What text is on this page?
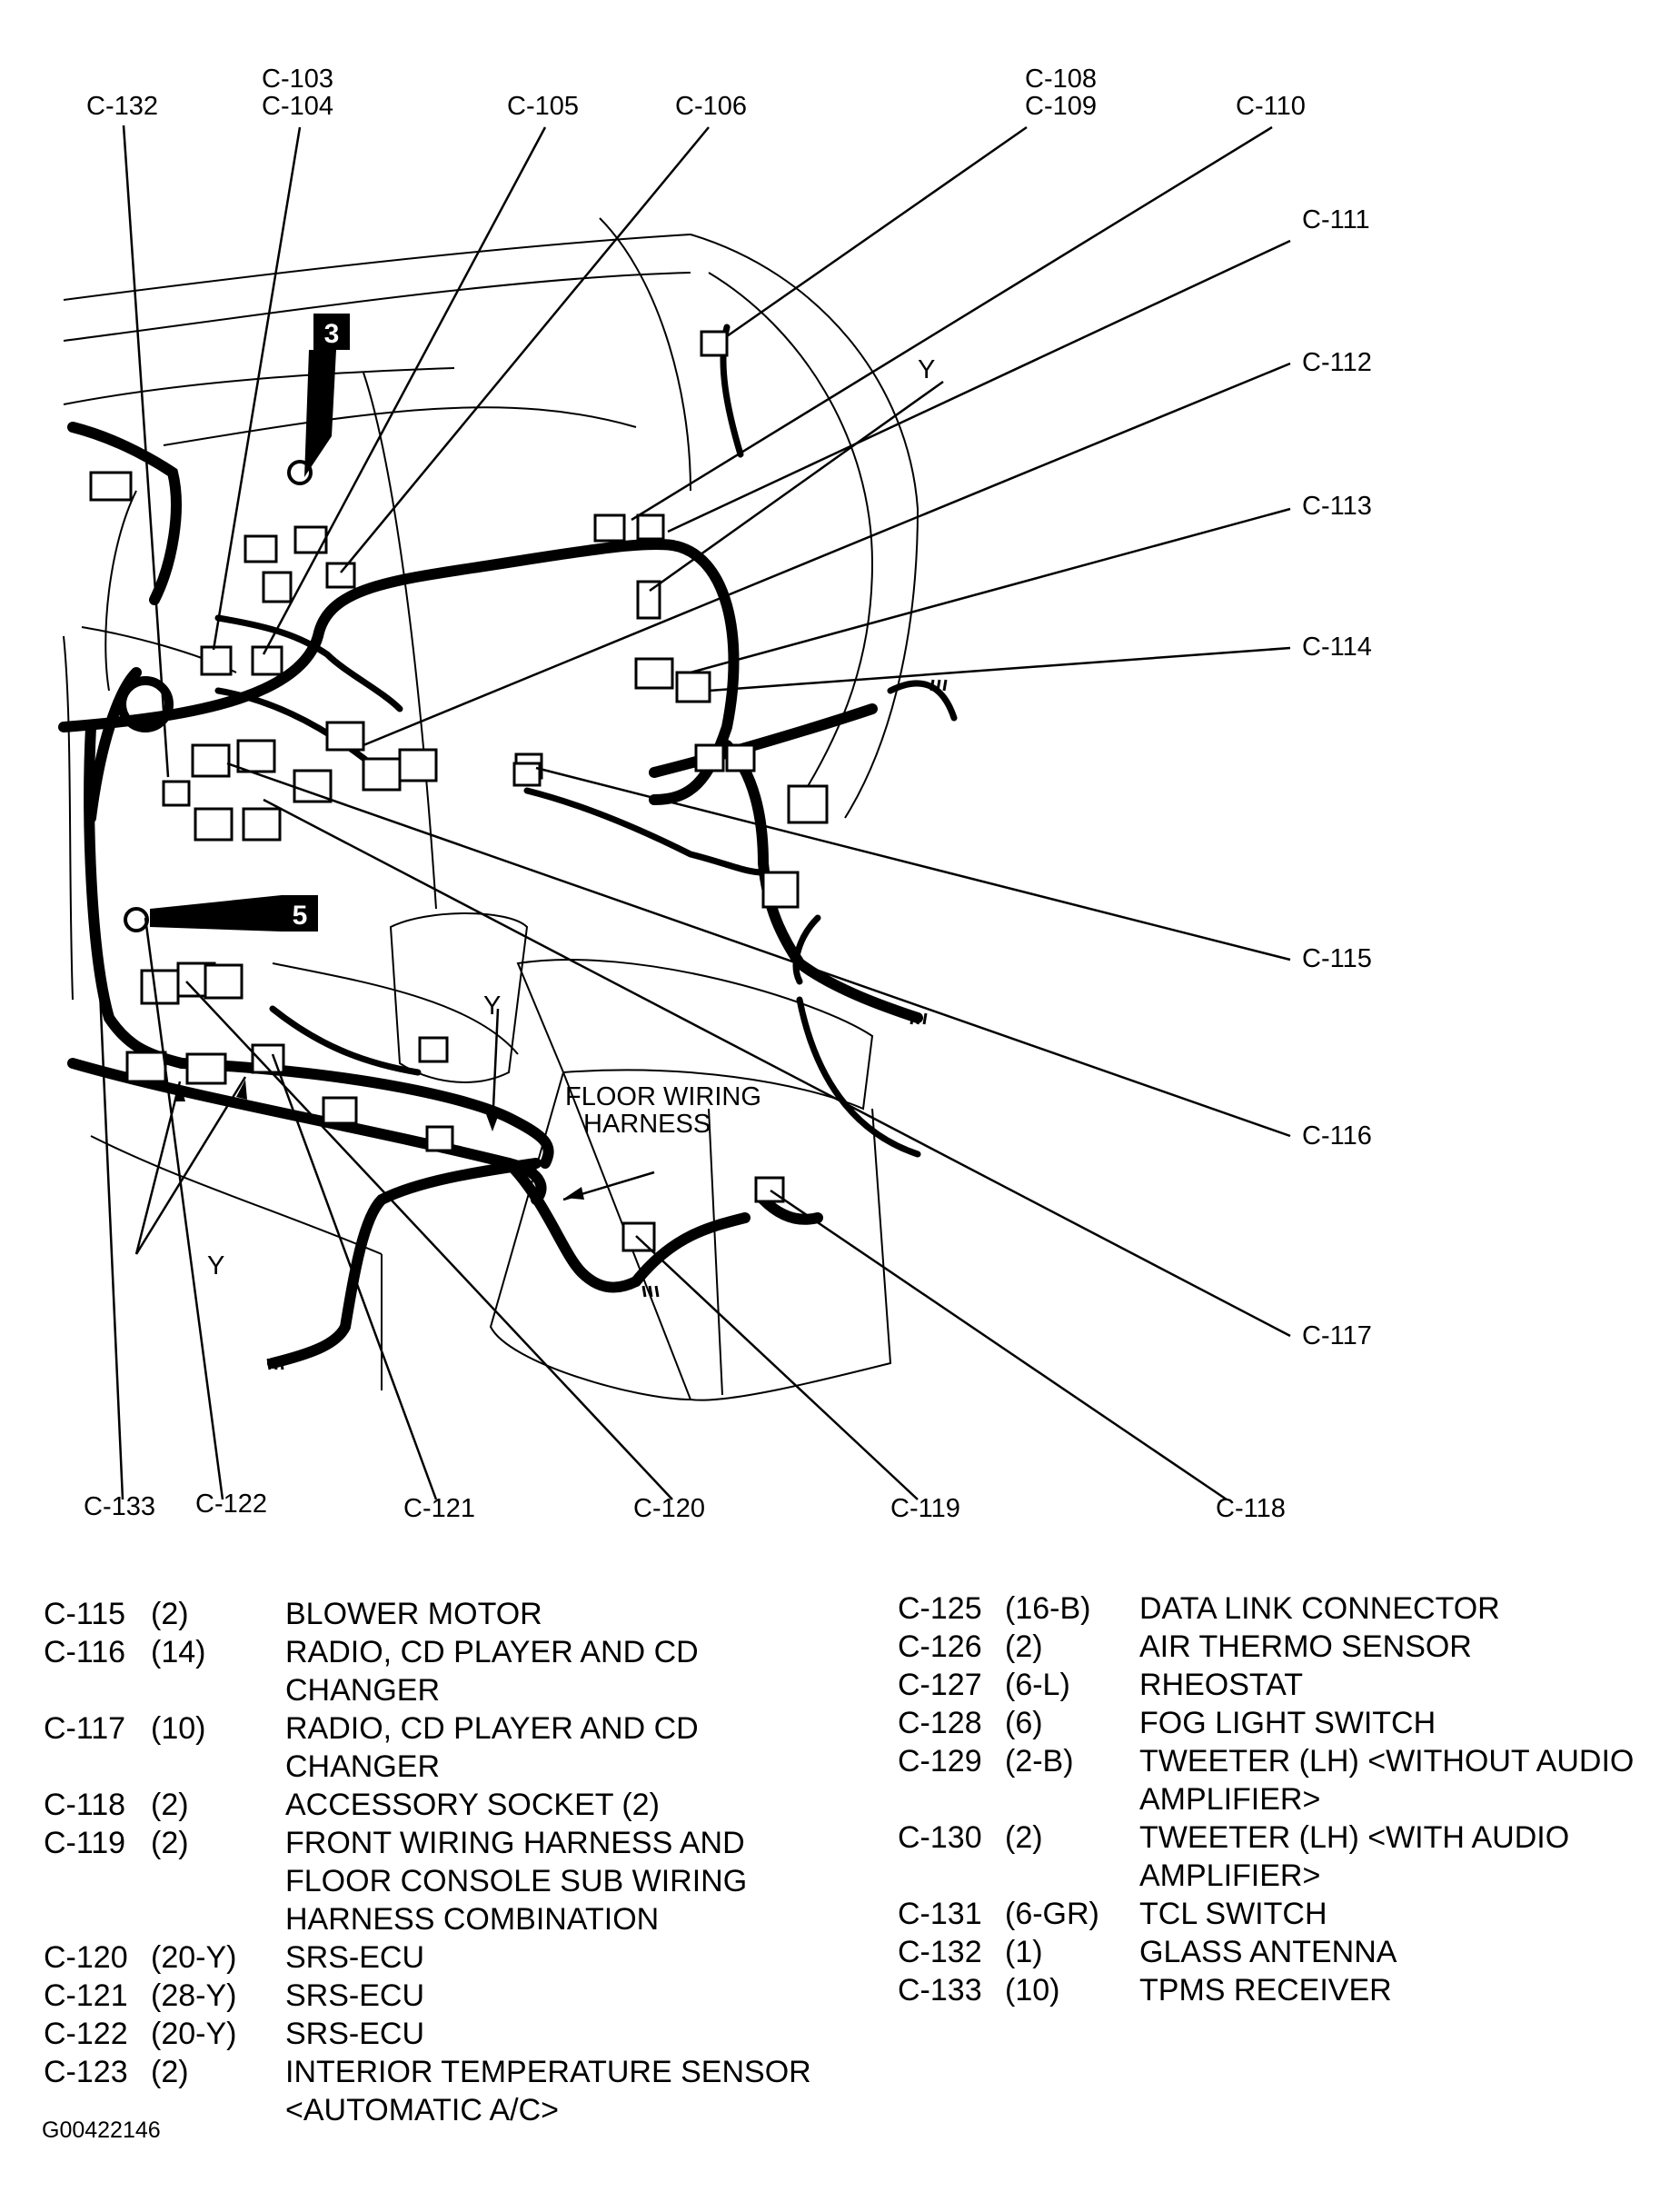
3
5
C-132
C-103
C-104	C-105	C-106
C-108
C-109	C-110
C-111
C-112
C-113
C-114
C-115
C-116
C-117
C-118
C-119
C-120
C-121
C-122
C-133
Y
Y
Y
FLOOR WIRING
HARNESS
C-115 (2)	BLOWER MOTOR
C-116 (14)	RADIO, CD PLAYER AND CD
CHANGER
C-117 (10)	RADIO, CD PLAYER AND CD
CHANGER
C-118 (2)	ACCESSORY SOCKET (2)
C-119 (2)	FRONT WIRING HARNESS AND
FLOOR CONSOLE SUB WIRING
HARNESS COMBINATION
C-120 (20-Y)	SRS-ECU
C-121 (28-Y)	SRS-ECU
C-122 (20-Y)	SRS-ECU
C-123 (2)	INTERIOR TEMPERATURE SENSOR
<AUTOMATIC A/C>
C-125 (16-B)	DATA LINK CONNECTOR
C-126 (2)	AIR THERMO SENSOR
C-127 (6-L)	RHEOSTAT
C-128 (6)	FOG LIGHT SWITCH
C-129 (2-B)	TWEETER (LH) <WITHOUT AUDIO
AMPLIFIER>
C-130 (2)	TWEETER (LH) <WITH AUDIO
AMPLIFIER>
C-131 (6-GR)	TCL SWITCH
C-132 (1)	GLASS ANTENNA
C-133 (10)	TPMS RECEIVER
G00422146
